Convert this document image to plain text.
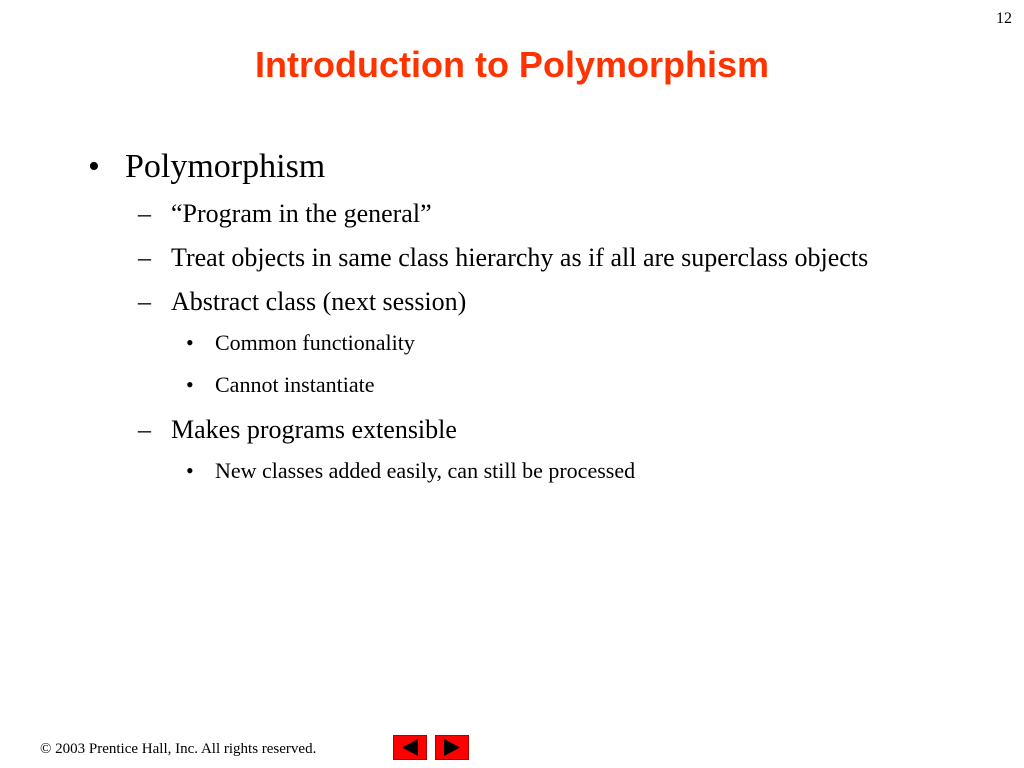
12
Introduction to Polymorphism
• Polymorphism
– “Program in the general”
– Treat objects in same class hierarchy as if all are superclass objects
– Abstract class (next session)
• Common functionality
• Cannot instantiate
– Makes programs extensible
• New classes added easily, can still be processed
© 2003 Prentice Hall, Inc. All rights reserved.
